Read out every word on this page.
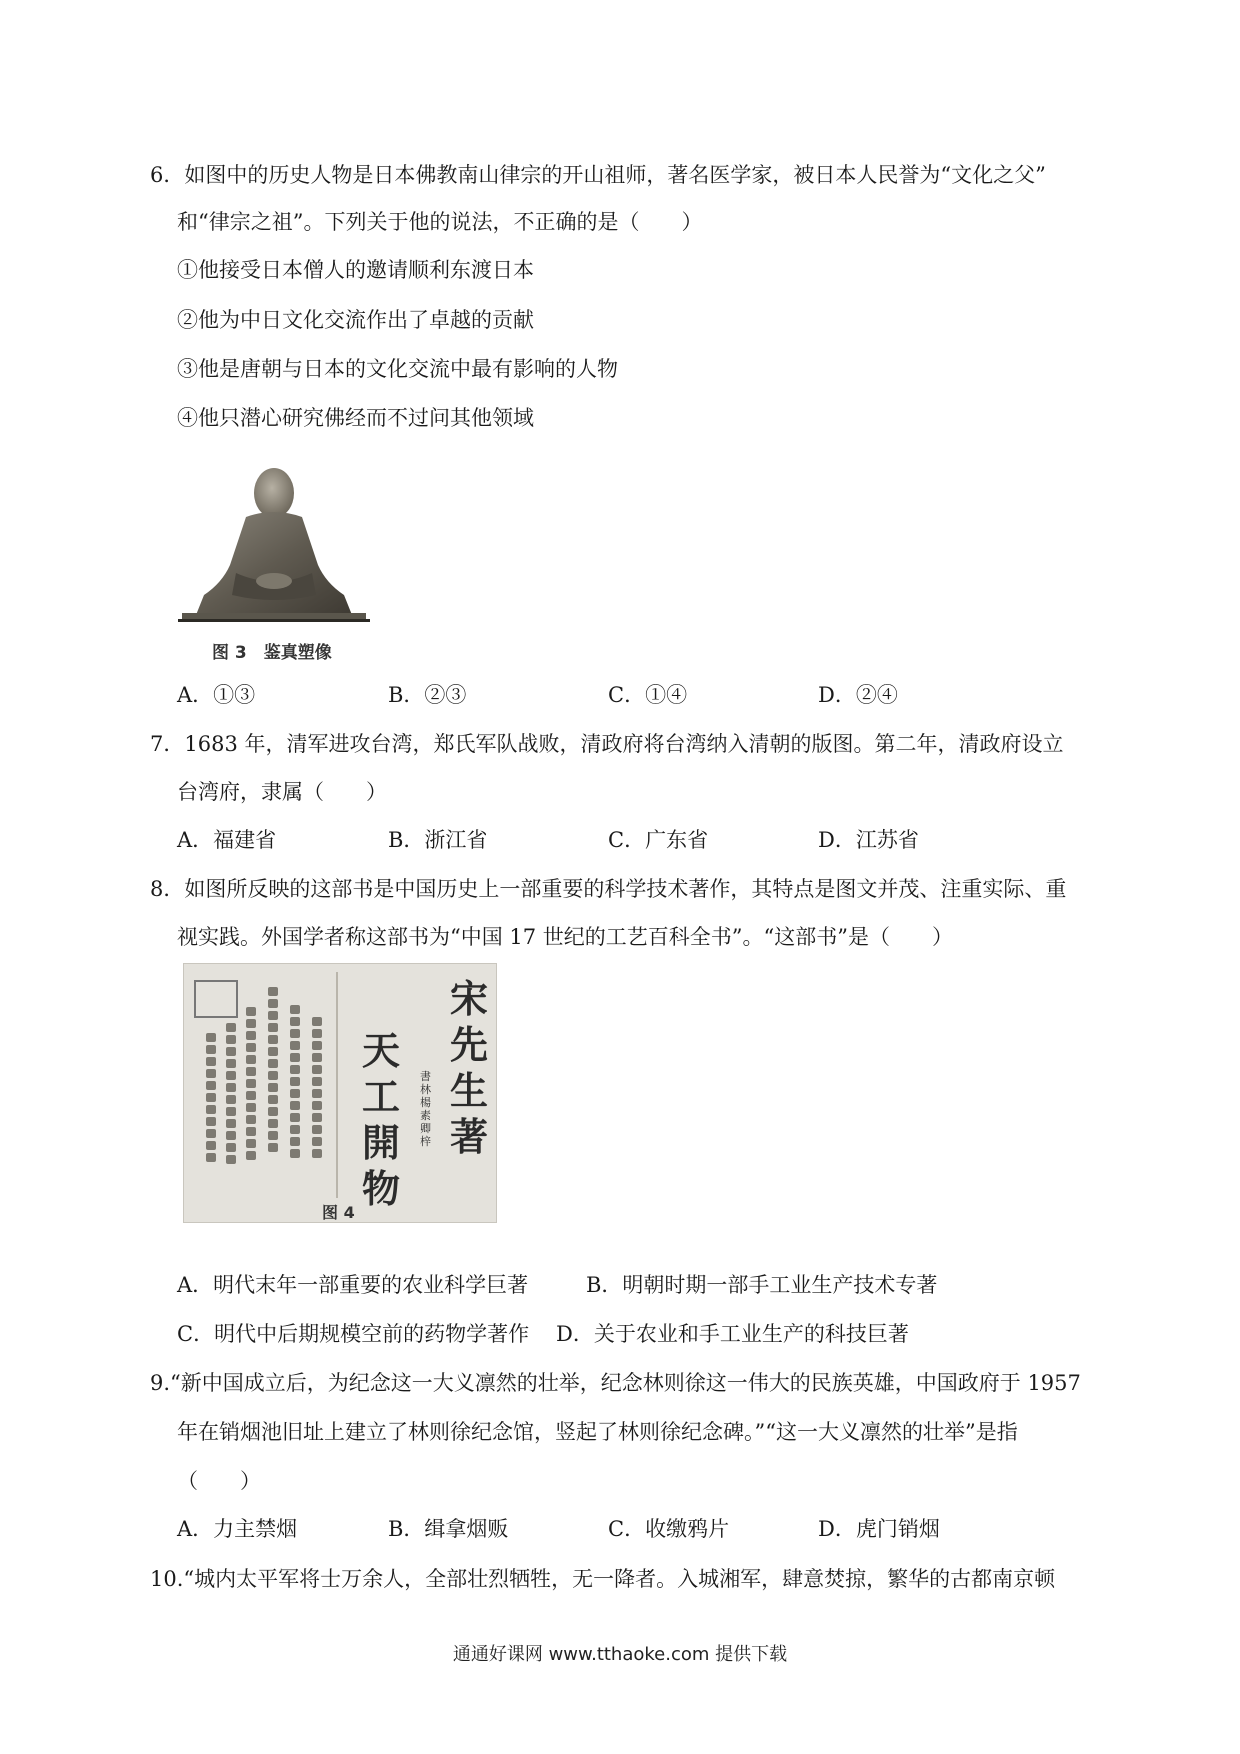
6．如图中的历史人物是日本佛教南山律宗的开山祖师，著名医学家，被日本人民誉为“文化之父”
和“律宗之祖”。下列关于他的说法，不正确的是（　　）
①他接受日本僧人的邀请顺利东渡日本
②他为中日文化交流作出了卓越的贡献
③他是唐朝与日本的文化交流中最有影响的人物
④他只潜心研究佛经而不过问其他领域
图 3　鉴真塑像
A．①③	B．②③	C．①④	D．②④
7．1683 年，清军进攻台湾，郑氏军队战败，清政府将台湾纳入清朝的版图。第二年，清政府设立
台湾府，隶属（　　）
A．福建省	B．浙江省	C．广东省	D．江苏省
8．如图所反映的这部书是中国历史上一部重要的科学技术著作，其特点是图文并茂、注重实际、重
视实践。外国学者称这部书为“中国 17 世纪的工艺百科全书”。“这部书”是（　　）
宋先生著
天工開物
書林楊素卿梓
图 4
A．明代末年一部重要的农业科学巨著	B．明朝时期一部手工业生产技术专著
C．明代中后期规模空前的药物学著作 D．关于农业和手工业生产的科技巨著
9.“新中国成立后，为纪念这一大义凛然的壮举，纪念林则徐这一伟大的民族英雄，中国政府于 1957
年在销烟池旧址上建立了林则徐纪念馆，竖起了林则徐纪念碑。”“这一大义凛然的壮举”是指
（　　）
A．力主禁烟	B．缉拿烟贩	C．收缴鸦片	D．虎门销烟
10.“城内太平军将士万余人，全部壮烈牺牲，无一降者。入城湘军，肆意焚掠，繁华的古都南京顿
通通好课网 www.tthaoke.com 提供下载
